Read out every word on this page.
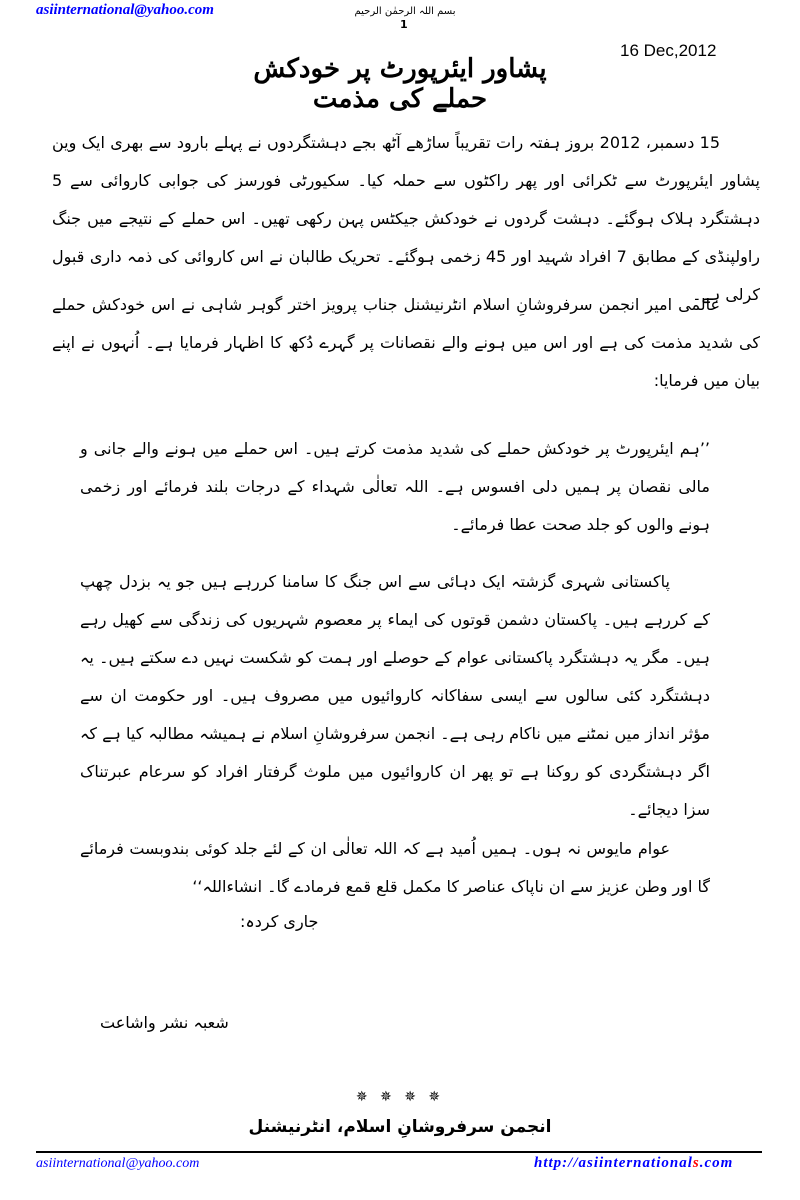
asiinternational@yahoo.com	بسم اللہ الرحمٰن الرحیم
1
16 Dec,2012
پشاور ایئرپورٹ پر خودکش حملے کی مذمت
15 دسمبر، 2012 بروز ہفتہ رات تقریباً ساڑھے آٹھ بجے دہشتگردوں نے پہلے بارود سے بھری ایک وین پشاور ایئرپورٹ سے ٹکرائی اور پھر راکٹوں سے حملہ کیا۔ سکیورٹی فورسز کی جوابی کاروائی سے 5 دہشتگرد ہلاک ہوگئے۔ دہشت گردوں نے خودکش جیکٹس پہن رکھی تھیں۔ اس حملے کے نتیجے میں جنگ راولپنڈی کے مطابق 7 افراد شہید اور 45 زخمی ہوگئے۔ تحریک طالبان نے اس کاروائی کی ذمہ داری قبول کرلی ہے۔
عالمی امیر انجمن سرفروشانِ اسلام انٹرنیشنل جناب پرویز اختر گوہر شاہی نے اس خودکش حملے کی شدید مذمت کی ہے اور اس میں ہونے والے نقصانات پر گہرے دُکھ کا اظہار فرمایا ہے۔ اُنہوں نے اپنے بیان میں فرمایا:
’’ہم ایئرپورٹ پر خودکش حملے کی شدید مذمت کرتے ہیں۔ اس حملے میں ہونے والے جانی و مالی نقصان پر ہمیں دلی افسوس ہے۔ اللہ تعالٰی شہداء کے درجات بلند فرمائے اور زخمی ہونے والوں کو جلد صحت عطا فرمائے۔
پاکستانی شہری گزشتہ ایک دہائی سے اس جنگ کا سامنا کررہے ہیں جو یہ بزدل چھپ کے کررہے ہیں۔ پاکستان دشمن قوتوں کی ایماء پر معصوم شہریوں کی زندگی سے کھیل رہے ہیں۔ مگر یہ دہشتگرد پاکستانی عوام کے حوصلے اور ہمت کو شکست نہیں دے سکتے ہیں۔ یہ دہشتگرد کئی سالوں سے ایسی سفاکانہ کاروائیوں میں مصروف ہیں۔ اور حکومت ان سے مؤثر انداز میں نمٹنے میں ناکام رہی ہے۔ انجمن سرفروشانِ اسلام نے ہمیشہ مطالبہ کیا ہے کہ اگر دہشتگردی کو روکنا ہے تو پھر ان کاروائیوں میں ملوث گرفتار افراد کو سرعام عبرتناک سزا دیجائے۔
عوام مایوس نہ ہوں۔ ہمیں اُمید ہے کہ اللہ تعالٰی ان کے لئے جلد کوئی بندوبست فرمائے گا اور وطن عزیز سے ان ناپاک عناصر کا مکمل قلع قمع فرمادے گا۔ انشاءاللہ‘‘
جاری کردہ:
شعبہ نشر واشاعت
✵ ✵ ✵ ✵
انجمن سرفروشانِ اسلام، انٹرنیشنل
asiinternational@yahoo.com	http://asiinternationals.com
